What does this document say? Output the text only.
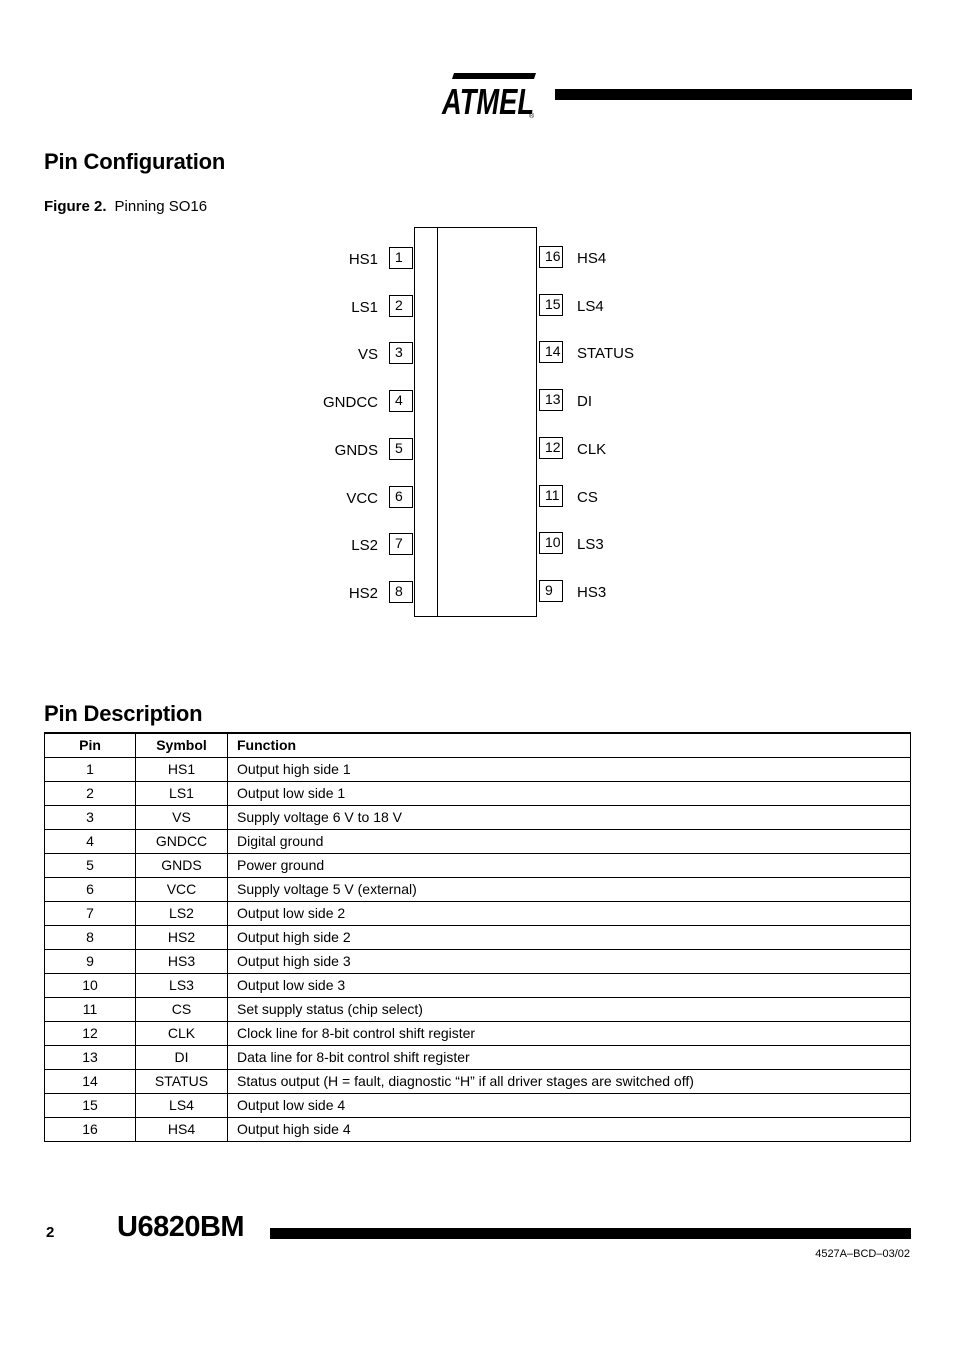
ATMEL
®
Pin Configuration
Figure 2. Pinning SO16
1
HS1
2
LS1
3
VS
4
GNDCC
5
GNDS
6
VCC
7
LS2
8
HS2
16 HS4
15 LS4
14 STATUS
13 DI
12 CLK
11 CS
10 LS3
9	HS3
Pin Description
Pin	Symbol	Function
1	HS1	Output high side 1
2	LS1	Output low side 1
3	VS	Supply voltage 6 V to 18 V
4	GNDCC	Digital ground
5	GNDS	Power ground
6	VCC	Supply voltage 5 V (external)
7	LS2	Output low side 2
8	HS2	Output high side 2
9	HS3	Output high side 3
10	LS3	Output low side 3
11	CS	Set supply status (chip select)
12	CLK	Clock line for 8-bit control shift register
13	DI	Data line for 8-bit control shift register
14	STATUS	Status output (H = fault, diagnostic “H” if all driver stages are switched off)
15	LS4	Output low side 4
16	HS4	Output high side 4
2 U6820BM
4527A–BCD–03/02
